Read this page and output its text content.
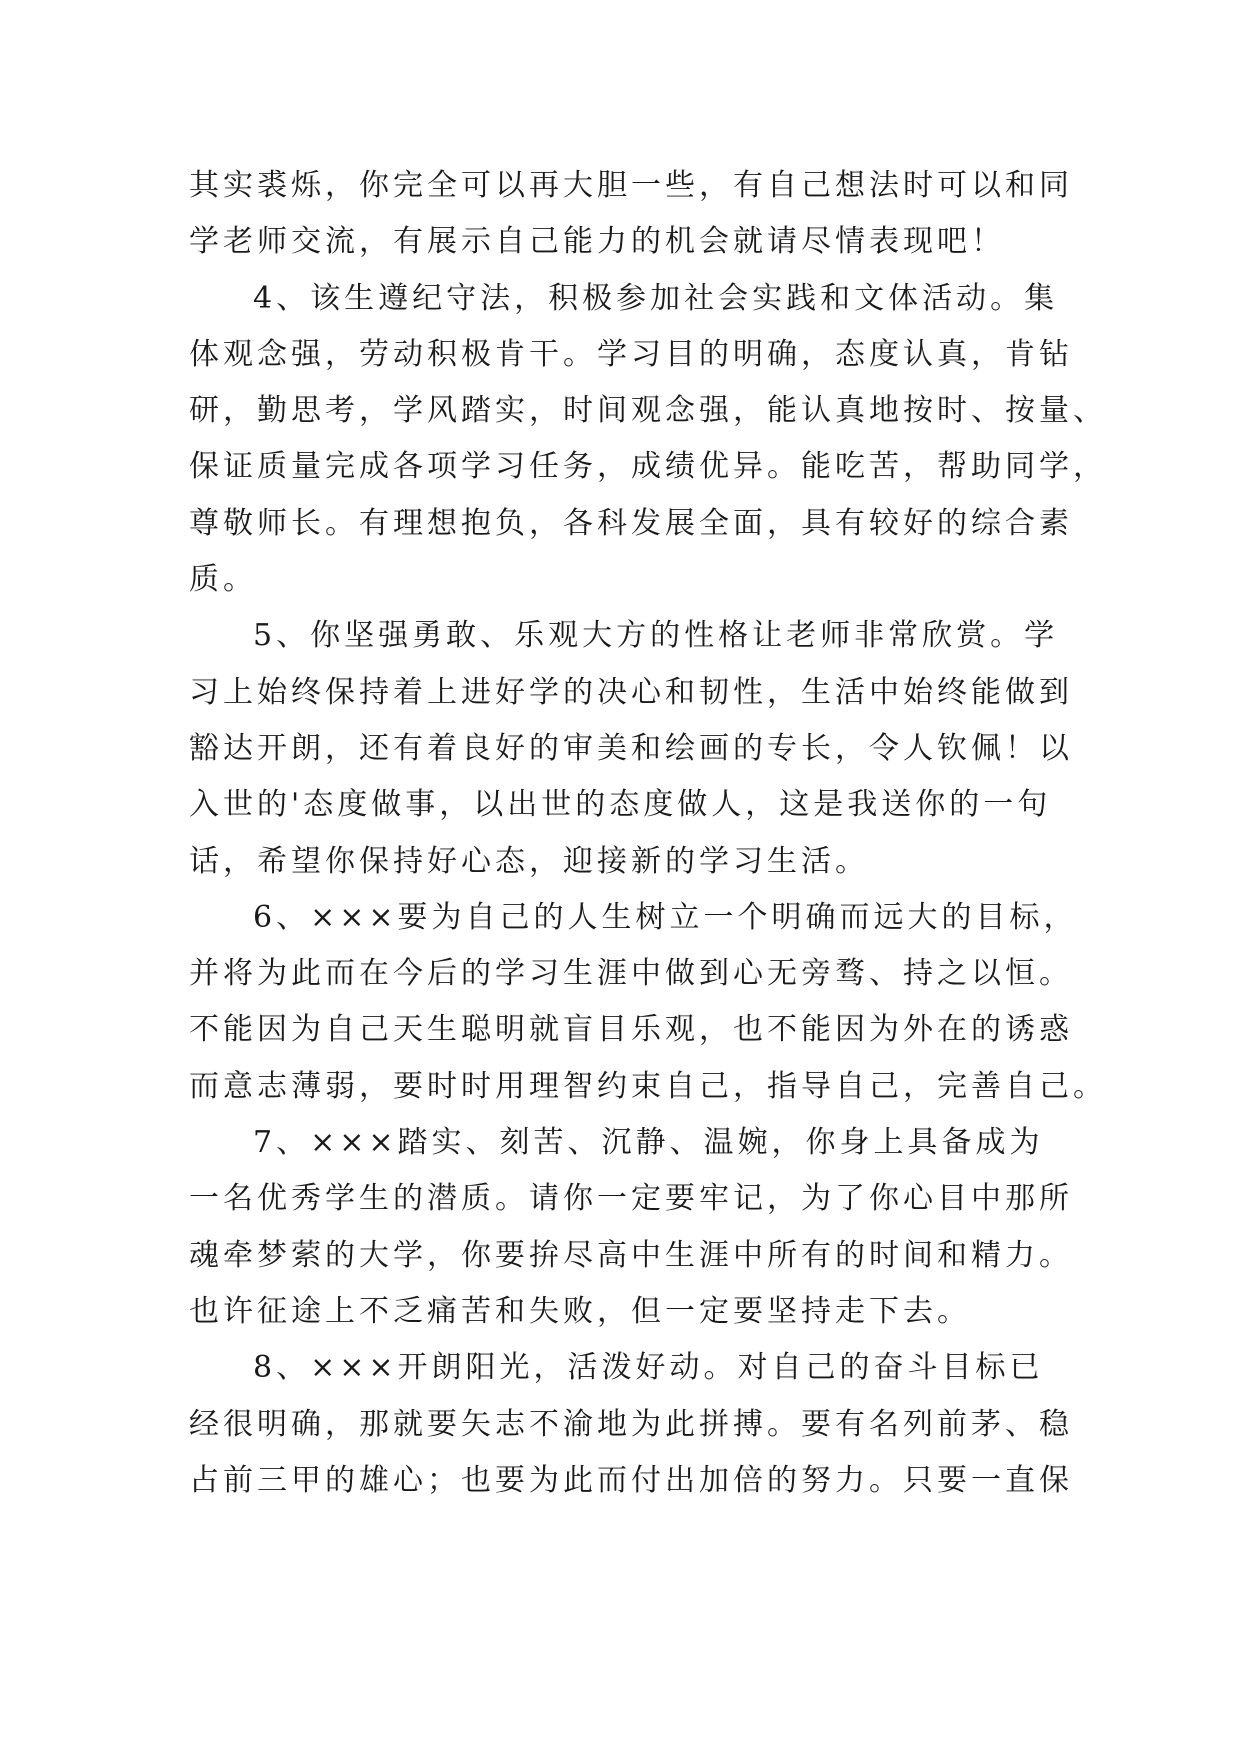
其实裘烁，你完全可以再大胆一些，有自己想法时可以和同
学老师交流，有展示自己能力的机会就请尽情表现吧！
4、该生遵纪守法，积极参加社会实践和文体活动。集
体观念强，劳动积极肯干。学习目的明确，态度认真，肯钻
研，勤思考，学风踏实，时间观念强，能认真地按时、按量、
保证质量完成各项学习任务，成绩优异。能吃苦，帮助同学，
尊敬师长。有理想抱负，各科发展全面，具有较好的综合素
质。
5、你坚强勇敢、乐观大方的性格让老师非常欣赏。学
习上始终保持着上进好学的决心和韧性，生活中始终能做到
豁达开朗，还有着良好的审美和绘画的专长，令人钦佩！以
入世的'态度做事，以出世的态度做人，这是我送你的一句
话，希望你保持好心态，迎接新的学习生活。
6、×××要为自己的人生树立一个明确而远大的目标，
并将为此而在今后的学习生涯中做到心无旁骛、持之以恒。
不能因为自己天生聪明就盲目乐观，也不能因为外在的诱惑
而意志薄弱，要时时用理智约束自己，指导自己，完善自己。
7、×××踏实、刻苦、沉静、温婉，你身上具备成为
一名优秀学生的潜质。请你一定要牢记，为了你心目中那所
魂牵梦萦的大学，你要拚尽高中生涯中所有的时间和精力。
也许征途上不乏痛苦和失败，但一定要坚持走下去。
8、×××开朗阳光，活泼好动。对自己的奋斗目标已
经很明确，那就要矢志不渝地为此拼搏。要有名列前茅、稳
占前三甲的雄心；也要为此而付出加倍的努力。只要一直保
